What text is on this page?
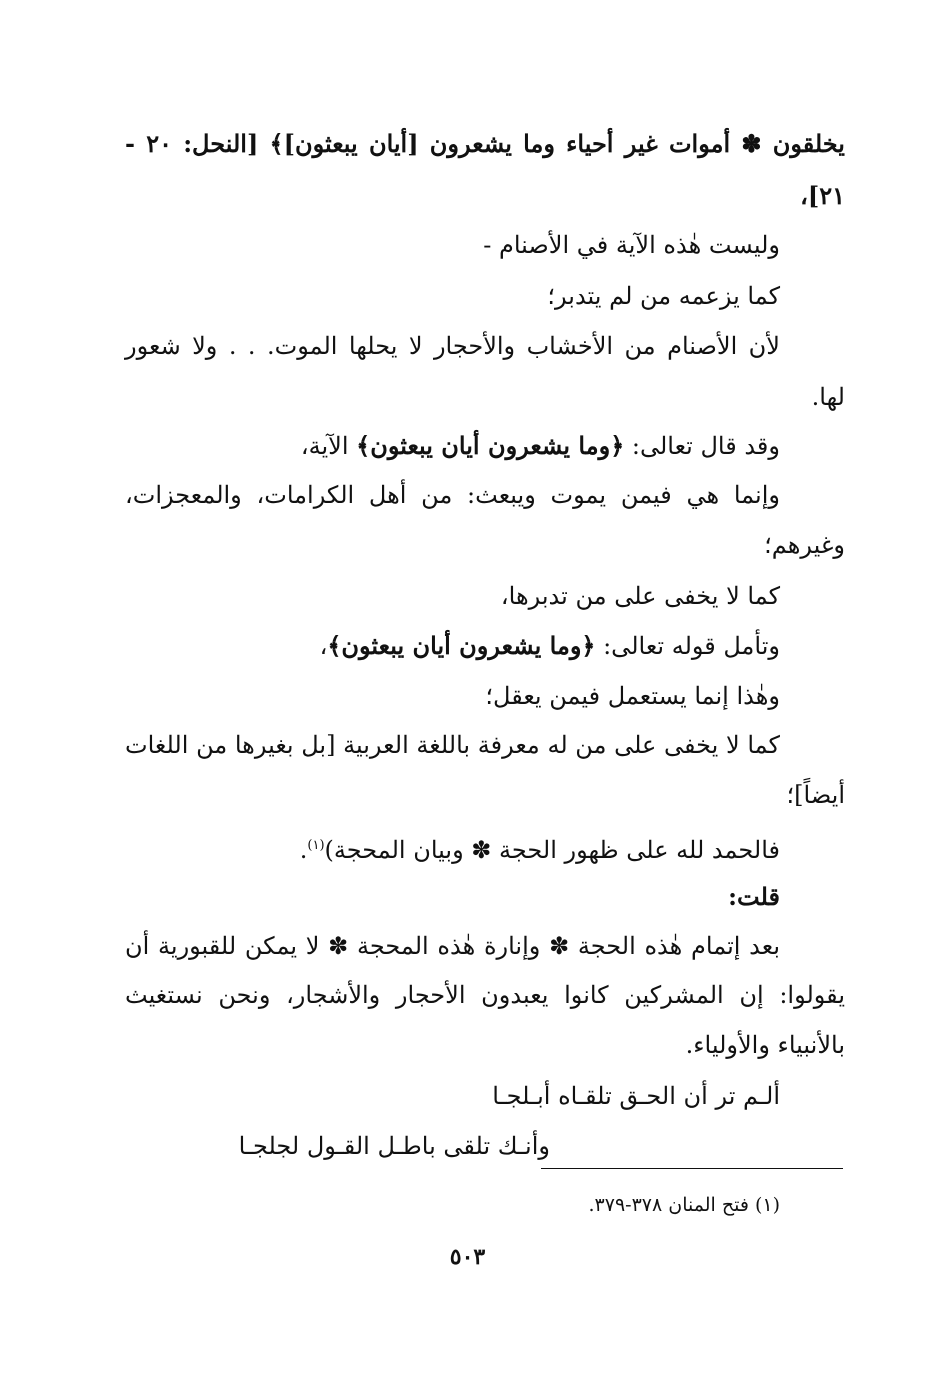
يخلقون ✽ أموات غير أحياء وما يشعرون [أيان يبعثون]﴾ [النحل: ٢٠ -
٢١]،
وليست هٰذه الآية في الأصنام -
كما يزعمه من لم يتدبر؛
لأن الأصنام من الأخشاب والأحجار لا يحلها الموت. . . ولا شعور
لها.
وقد قال تعالى: ﴿وما يشعرون أيان يبعثون﴾ الآية،
وإنما هي فيمن يموت ويبعث: من أهل الكرامات، والمعجزات،
وغيرهم؛
كما لا يخفى على من تدبرها،
وتأمل قوله تعالى: ﴿وما يشعرون أيان يبعثون﴾،
وهٰذا إنما يستعمل فيمن يعقل؛
كما لا يخفى على من له معرفة باللغة العربية [بل بغيرها من اللغات
أيضاً]؛
فالحمد لله على ظهور الحجة ✽ وبيان المحجة)$^{(١)}$.
قلت:
بعد إتمام هٰذه الحجة ✽ وإنارة هٰذه المحجة ✽ لا يمكن للقبورية أن
يقولوا: إن المشركين كانوا يعبدون الأحجار والأشجار، ونحن نستغيث
بالأنبياء والأولياء.
ألـم تر أن الحـق تلقـاه أبـلجـا
وأنـك تلقى باطـل القـول لجلجـا
(١) فتح المنان ٣٧٨-٣٧٩.
٥٠٣
